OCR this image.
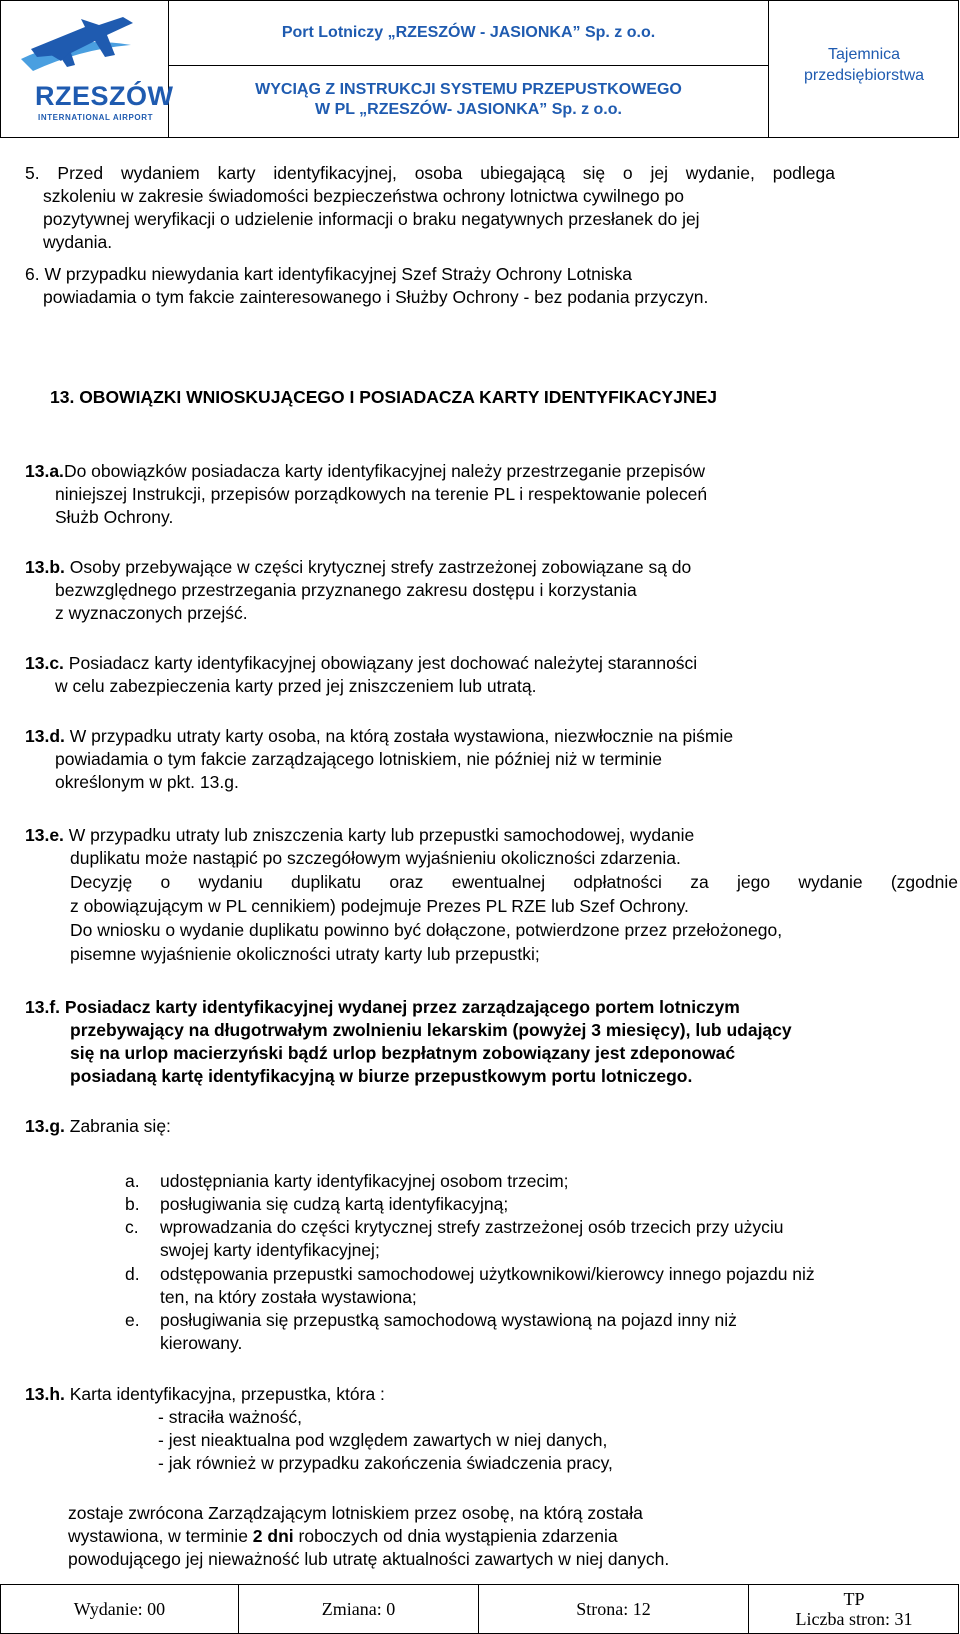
RZESZÓW
INTERNATIONAL AIRPORT
Port Lotniczy „RZESZÓW - JASIONKA” Sp. z o.o.
WYCIĄG Z INSTRUKCJI SYSTEMU PRZEPUSTKOWEGO
W PL „RZESZÓW- JASIONKA” Sp. z o.o.
Tajemnica
przedsiębiorstwa
5. Przed wydaniem karty identyfikacyjnej, osoba ubiegającą się o jej wydanie, podlega
szkoleniu w zakresie świadomości bezpieczeństwa ochrony lotnictwa cywilnego po
pozytywnej weryfikacji o udzielenie informacji o braku negatywnych przesłanek do jej
wydania.
6. W przypadku niewydania kart identyfikacyjnej Szef Straży Ochrony Lotniska
powiadamia o tym fakcie zainteresowanego i Służby Ochrony - bez podania przyczyn.
13. OBOWIĄZKI WNIOSKUJĄCEGO I POSIADACZA KARTY IDENTYFIKACYJNEJ
13.a.Do obowiązków posiadacza karty identyfikacyjnej należy przestrzeganie przepisów
niniejszej Instrukcji, przepisów porządkowych na terenie PL i respektowanie poleceń
Służb Ochrony.
13.b. Osoby przebywające w części krytycznej strefy zastrzeżonej zobowiązane są do
bezwzględnego przestrzegania przyznanego zakresu dostępu i korzystania
z wyznaczonych przejść.
13.c. Posiadacz karty identyfikacyjnej obowiązany jest dochować należytej staranności
w celu zabezpieczenia karty przed jej zniszczeniem lub utratą.
13.d. W przypadku utraty karty osoba, na którą została wystawiona, niezwłocznie na piśmie
powiadamia o tym fakcie zarządzającego lotniskiem, nie później niż w terminie
określonym w pkt. 13.g.
13.e. W przypadku utraty lub zniszczenia karty lub przepustki samochodowej, wydanie
duplikatu może nastąpić po szczegółowym wyjaśnieniu okoliczności zdarzenia.
Decyzję o wydaniu duplikatu oraz ewentualnej odpłatności za jego wydanie (zgodnie
z obowiązującym w PL cennikiem) podejmuje Prezes PL RZE lub Szef Ochrony.
Do wniosku o wydanie duplikatu powinno być dołączone, potwierdzone przez przełożonego,
pisemne wyjaśnienie okoliczności utraty karty lub przepustki;
13.f. Posiadacz karty identyfikacyjnej wydanej przez zarządzającego portem lotniczym
przebywający na długotrwałym zwolnieniu lekarskim (powyżej 3 miesięcy), lub udający
się na urlop macierzyński bądź urlop bezpłatnym zobowiązany jest zdeponować
posiadaną kartę identyfikacyjną w biurze przepustkowym portu lotniczego.
13.g. Zabrania się:
a. udostępniania karty identyfikacyjnej osobom trzecim;
b. posługiwania się cudzą kartą identyfikacyjną;
c. wprowadzania do części krytycznej strefy zastrzeżonej osób trzecich przy użyciu
swojej karty identyfikacyjnej;
d. odstępowania przepustki samochodowej użytkownikowi/kierowcy innego pojazdu niż
ten, na który została wystawiona;
e. posługiwania się przepustką samochodową wystawioną na pojazd inny niż
kierowany.
13.h. Karta identyfikacyjna, przepustka, która :
- straciła ważność,
- jest nieaktualna pod względem zawartych w niej danych,
- jak również w przypadku zakończenia świadczenia pracy,
zostaje zwrócona Zarządzającym lotniskiem przez osobę, na którą została
wystawiona, w terminie 2 dni roboczych od dnia wystąpienia zdarzenia
powodującego jej nieważność lub utratę aktualności zawartych w niej danych.
Wydanie: 00	Zmiana: 0	Strona: 12	TP
Liczba stron: 31
